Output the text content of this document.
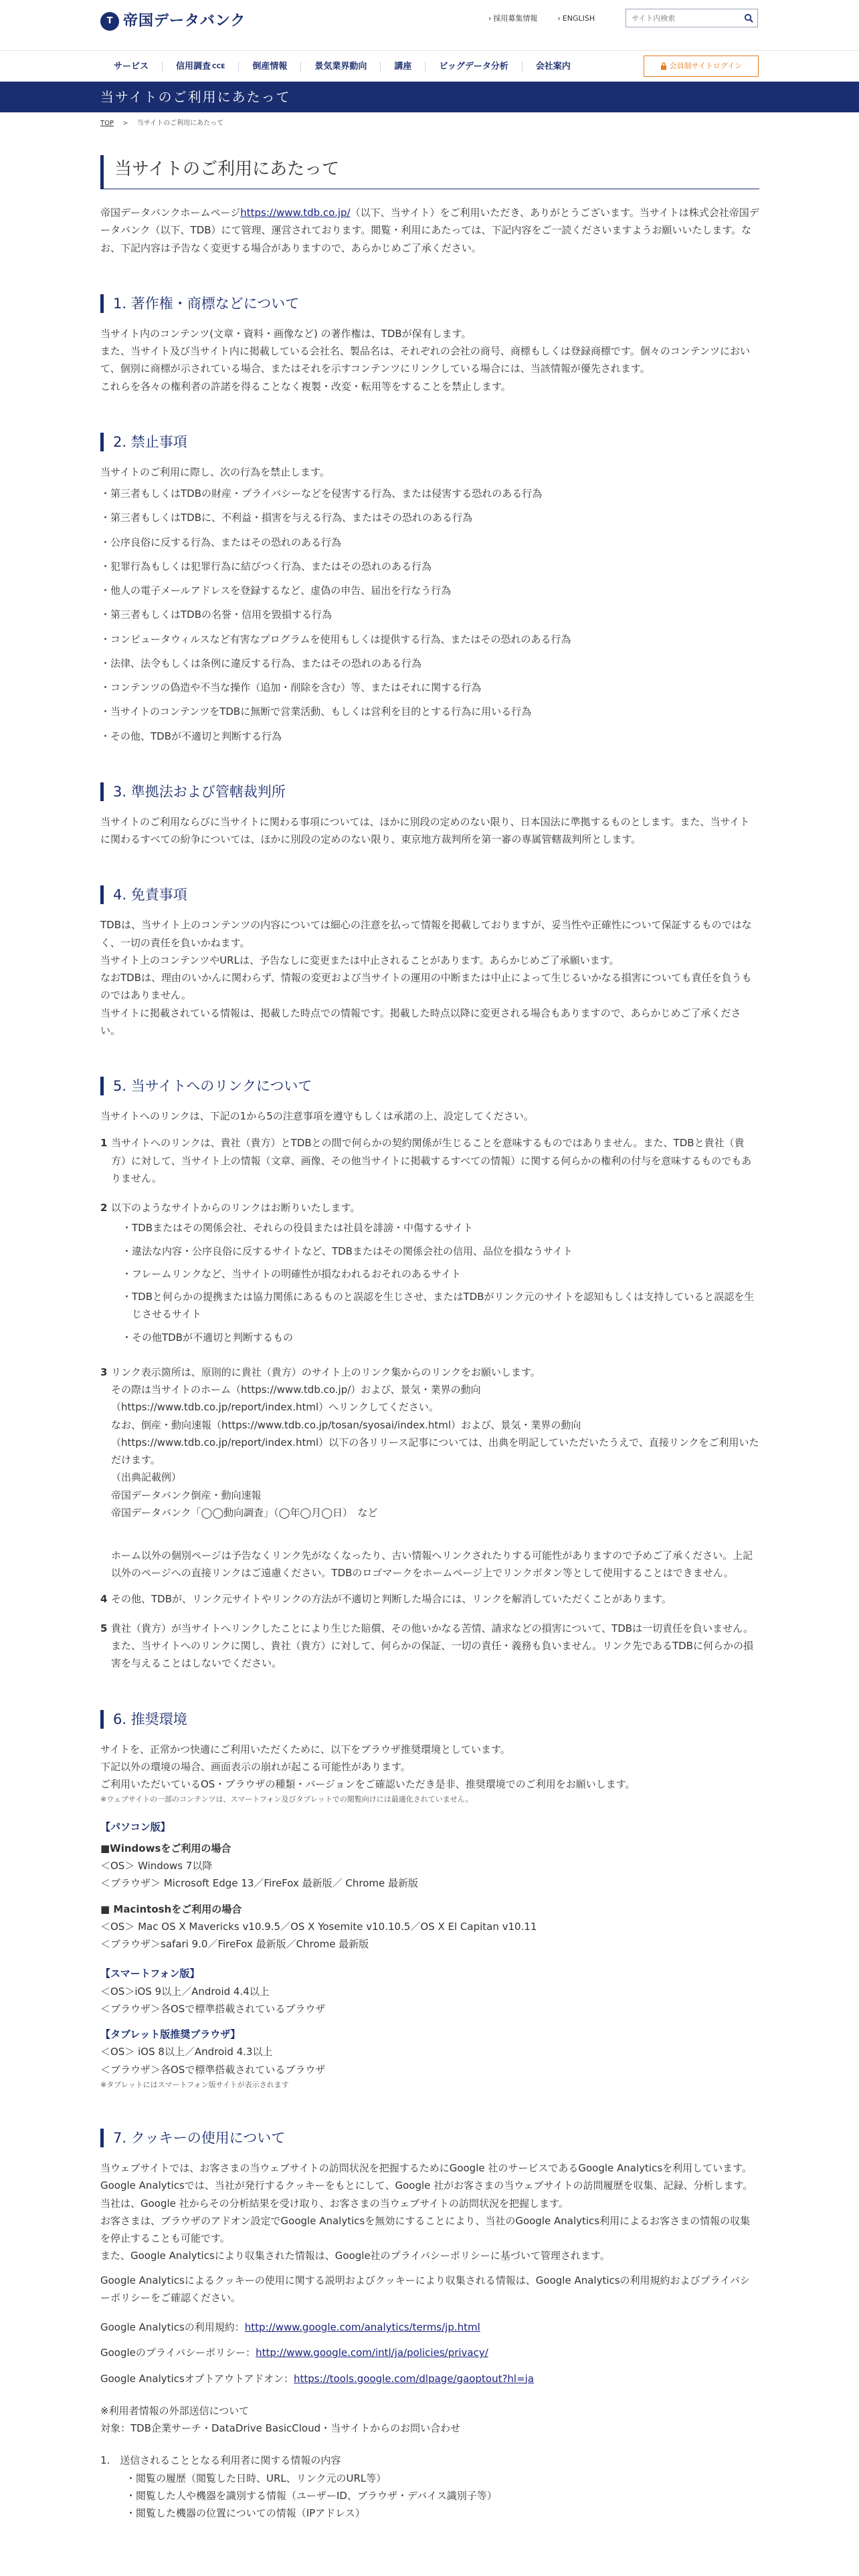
T 帝国データバンク	› 採用募集情報	› ENGLISH
サイト内検索
サービス	信用調査 CCE	倒産情報	景気業界動向	講座	ビッグデータ分析	会社案内	会員制サイトログイン
当サイトのご利用にあたって
TOP 　>　 当サイトのご利用にあたって
当サイトのご利用にあたって

帝国データバンクホームページhttps://www.tdb.co.jp/（以下、当サイト）をご利用いただき、ありがとうございます。当サイトは株式会社帝国データバンク（以下、TDB）にて管理、運営されております。閲覧・利用にあたっては、下記内容をご一読くださいますようお願いいたします。なお、下記内容は予告なく変更する場合がありますので、あらかじめご了承ください。

1. 著作権・商標などについて

当サイト内のコンテンツ(文章・資料・画像など) の著作権は、TDBが保有します。

また、当サイト及び当サイト内に掲載している会社名、製品名は、それぞれの会社の商号、商標もしくは登録商標です。個々のコンテンツにおいて、個別に商標が示されている場合、またはそれを示すコンテンツにリンクしている場合には、当該情報が優先されます。

これらを各々の権利者の許諾を得ることなく複製・改変・転用等をすることを禁止します。

2. 禁止事項

当サイトのご利用に際し、次の行為を禁止します。

・第三者もしくはTDBの財産・プライバシーなどを侵害する行為、または侵害する恐れのある行為
・第三者もしくはTDBに、不利益・損害を与える行為、またはその恐れのある行為
・公序良俗に反する行為、またはその恐れのある行為
・犯罪行為もしくは犯罪行為に結びつく行為、またはその恐れのある行為
・他人の電子メールアドレスを登録するなど、虚偽の申告、届出を行なう行為
・第三者もしくはTDBの名誉・信用を毀損する行為
・コンピュータウィルスなど有害なプログラムを使用もしくは提供する行為、またはその恐れのある行為
・法律、法令もしくは条例に違反する行為、またはその恐れのある行為
・コンテンツの偽造や不当な操作（追加・削除を含む）等、またはそれに関する行為
・当サイトのコンテンツをTDBに無断で営業活動、もしくは営利を目的とする行為に用いる行為
・その他、TDBが不適切と判断する行為
3. 準拠法および管轄裁判所

当サイトのご利用ならびに当サイトに関わる事項については、ほかに別段の定めのない限り、日本国法に準拠するものとします。また、当サイトに関わるすべての紛争については、ほかに別段の定めのない限り、東京地方裁判所を第一審の専属管轄裁判所とします。

4. 免責事項

TDBは、当サイト上のコンテンツの内容については細心の注意を払って情報を掲載しておりますが、妥当性や正確性について保証するものではなく、一切の責任を負いかねます。

当サイト上のコンテンツやURLは、予告なしに変更または中止されることがあります。あらかじめご了承願います。

なおTDBは、理由のいかんに関わらず、情報の変更および当サイトの運用の中断または中止によって生じるいかなる損害についても責任を負うものではありません。

当サイトに掲載されている情報は、掲載した時点での情報です。掲載した時点以降に変更される場合もありますので、あらかじめご了承ください。

5. 当サイトへのリンクについて

当サイトへのリンクは、下記の1から5の注意事項を遵守もしくは承諾の上、設定してください。

1 当サイトへのリンクは、貴社（貴方）とTDBとの間で何らかの契約関係が生じることを意味するものではありません。また、TDBと貴社（貴方）に対して、当サイト上の情報（文章、画像、その他当サイトに掲載するすべての情報）に関する何らかの権利の付与を意味するものでもありません。
2 以下のようなサイトからのリンクはお断りいたします。
・TDBまたはその関係会社、それらの役員または社員を誹謗・中傷するサイト
・違法な内容・公序良俗に反するサイトなど、TDBまたはその関係会社の信用、品位を損なうサイト
・フレームリンクなど、当サイトの明確性が損なわれるおそれのあるサイト
・TDBと何らかの提携または協力関係にあるものと誤認を生じさせ、またはTDBがリンク元のサイトを認知もしくは支持していると誤認を生じさせるサイト
・その他TDBが不適切と判断するもの
3 リンク表示箇所は、原則的に貴社（貴方）のサイト上のリンク集からのリンクをお願いします。
その際は当サイトのホーム（https://www.tdb.co.jp/）および、景気・業界の動向
（https://www.tdb.co.jp/report/index.html）へリンクしてください。
なお、倒産・動向速報（https://www.tdb.co.jp/tosan/syosai/index.html）および、景気・業界の動向
（https://www.tdb.co.jp/report/index.html）以下の各リリース記事については、出典を明記していただいたうえで、直接リンクをご利用いただけます。
（出典記載例）
帝国データバンク倒産・動向速報
帝国データバンク「◯◯動向調査」（◯年◯月◯日）　など
ホーム以外の個別ページは予告なくリンク先がなくなったり、古い情報へリンクされたりする可能性がありますので予めご了承ください。上記以外のページへの直接リンクはご遠慮ください。TDBのロゴマークをホームページ上でリンクボタン等として使用することはできません。
4 その他、TDBが、リンク元サイトやリンクの方法が不適切と判断した場合には、リンクを解消していただくことがあります。
5 貴社（貴方）が当サイトへリンクしたことにより生じた賠償、その他いかなる苦情、請求などの損害について、TDBは一切責任を負いません。また、当サイトへのリンクに関し、貴社（貴方）に対して、何らかの保証、一切の責任・義務も負いません。リンク先であるTDBに何らかの損害を与えることはしないでください。
6. 推奨環境

サイトを、正常かつ快適にご利用いただくために、以下をブラウザ推奨環境としています。

下記以外の環境の場合、画面表示の崩れが起こる可能性があります。

ご利用いただいているOS・ブラウザの種類・バージョンをご確認いただき是非、推奨環境でのご利用をお願いします。

※ウェブサイトの一部のコンテンツは、スマートフォン及びタブレットでの閲覧向けには最適化されていません。

【パソコン版】
■Windowsをご利用の場合

＜OS＞ Windows 7以降

＜ブラウザ＞ Microsoft Edge 13／FireFox 最新版／ Chrome 最新版

■ Macintoshをご利用の場合

＜OS＞ Mac OS X Mavericks v10.9.5／OS X Yosemite v10.10.5／OS X El Capitan v10.11

＜ブラウザ＞safari 9.0／FireFox 最新版／Chrome 最新版

【スマートフォン版】

＜OS＞iOS 9以上／Android 4.4以上

＜ブラウザ＞各OSで標準搭載されているブラウザ

【タブレット版推奨ブラウザ】

＜OS＞ iOS 8以上／Android 4.3以上

＜ブラウザ＞各OSで標準搭載されているブラウザ

※タブレットにはスマートフォン版サイトが表示されます

7. クッキーの使用について

当ウェブサイトでは、お客さまの当ウェブサイトの訪問状況を把握するためにGoogle 社のサービスであるGoogle Analyticsを利用しています。Google Analyticsでは、当社が発行するクッキーをもとにして、Google 社がお客さまの当ウェブサイトの訪問履歴を収集、記録、分析します。当社は、Google 社からその分析結果を受け取り、お客さまの当ウェブサイトの訪問状況を把握します。

お客さまは、ブラウザのアドオン設定でGoogle Analyticsを無効にすることにより、当社のGoogle Analytics利用によるお客さまの情報の収集を停止することも可能です。

また、Google Analyticsにより収集された情報は、Google社のプライバシーポリシーに基づいて管理されます。

Google Analyticsによるクッキーの使用に関する説明およびクッキーにより収集される情報は、Google Analyticsの利用規約およびプライバシーポリシーをご確認ください。

Google Analyticsの利用規約：http://www.google.com/analytics/terms/jp.html

Googleのプライバシーポリシー：http://www.google.com/intl/ja/policies/privacy/

Google Analyticsオプトアウトアドオン：https://tools.google.com/dlpage/gaoptout?hl=ja

※利用者情報の外部送信について

対象：TDB企業サーチ・DataDrive BasicCloud・当サイトからのお問い合わせ

1.　送信されることとなる利用者に関する情報の内容

・閲覧の履歴（閲覧した日時、URL、リンク元のURL等）

・閲覧した人や機器を識別する情報（ユーザーID、ブラウザ・デバイス識別子等）

・閲覧した機器の位置についての情報（IPアドレス）
